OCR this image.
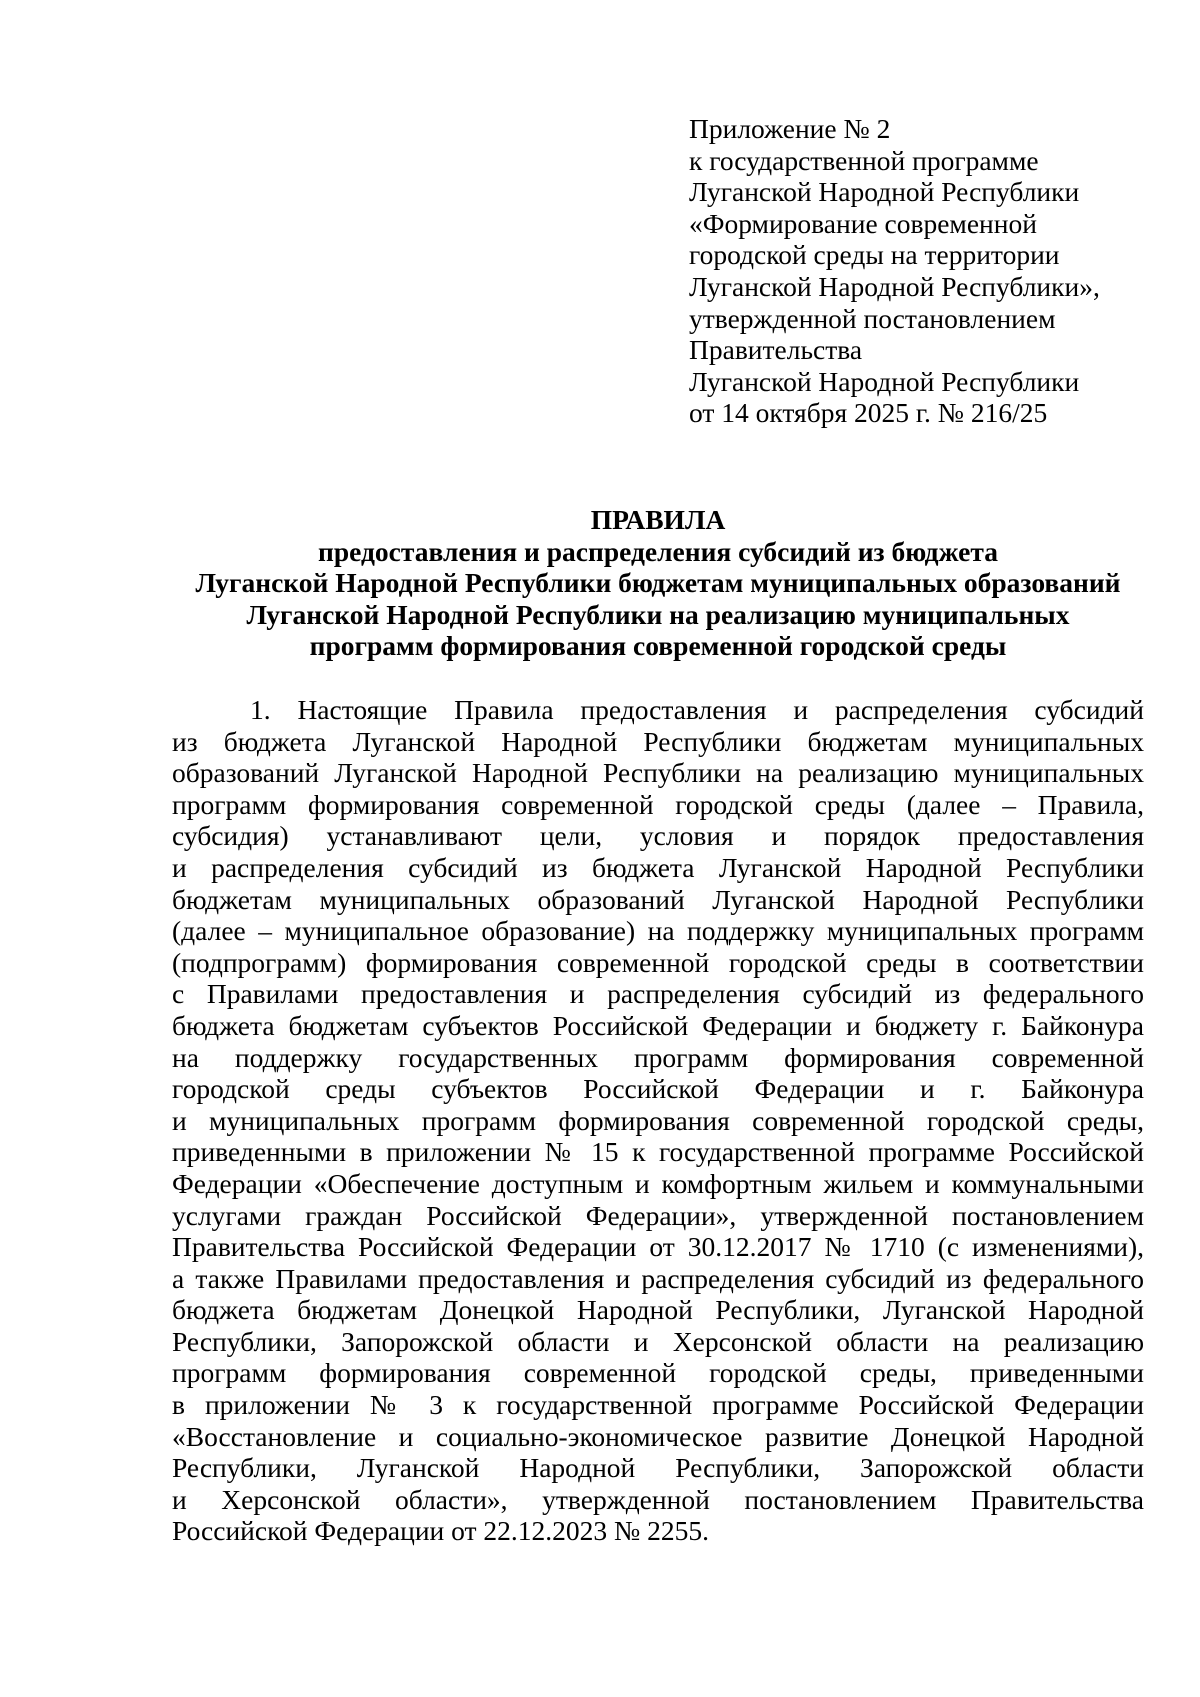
Приложение № 2
к государственной программе
Луганской Народной Республики
«Формирование современной
городской среды на территории
Луганской Народной Республики»,
утвержденной постановлением
Правительства
Луганской Народной Республики
от 14 октября 2025 г. № 216/25
ПРАВИЛА
предоставления и распределения субсидий из бюджета
Луганской Народной Республики бюджетам муниципальных образований
Луганской Народной Республики на реализацию муниципальных
программ формирования современной городской среды
1. Настоящие Правила предоставления и распределения субсидий
из бюджета Луганской Народной Республики бюджетам муниципальных
образований Луганской Народной Республики на реализацию муниципальных
программ формирования современной городской среды (далее – Правила,
субсидия) устанавливают цели, условия и порядок предоставления
и распределения субсидий из бюджета Луганской Народной Республики
бюджетам муниципальных образований Луганской Народной Республики
(далее – муниципальное образование) на поддержку муниципальных программ
(подпрограмм) формирования современной городской среды в соответствии
с Правилами предоставления и распределения субсидий из федерального
бюджета бюджетам субъектов Российской Федерации и бюджету г. Байконура
на поддержку государственных программ формирования современной
городской среды субъектов Российской Федерации и г. Байконура
и муниципальных программ формирования современной городской среды,
приведенными в приложении № 15 к государственной программе Российской
Федерации «Обеспечение доступным и комфортным жильем и коммунальными
услугами граждан Российской Федерации», утвержденной постановлением
Правительства Российской Федерации от 30.12.2017 № 1710 (с изменениями),
а также Правилами предоставления и распределения субсидий из федерального
бюджета бюджетам Донецкой Народной Республики, Луганской Народной
Республики, Запорожской области и Херсонской области на реализацию
программ формирования современной городской среды, приведенными
в приложении № 3 к государственной программе Российской Федерации
«Восстановление и социально-экономическое развитие Донецкой Народной
Республики, Луганской Народной Республики, Запорожской области
и Херсонской области», утвержденной постановлением Правительства
Российской Федерации от 22.12.2023 № 2255.
